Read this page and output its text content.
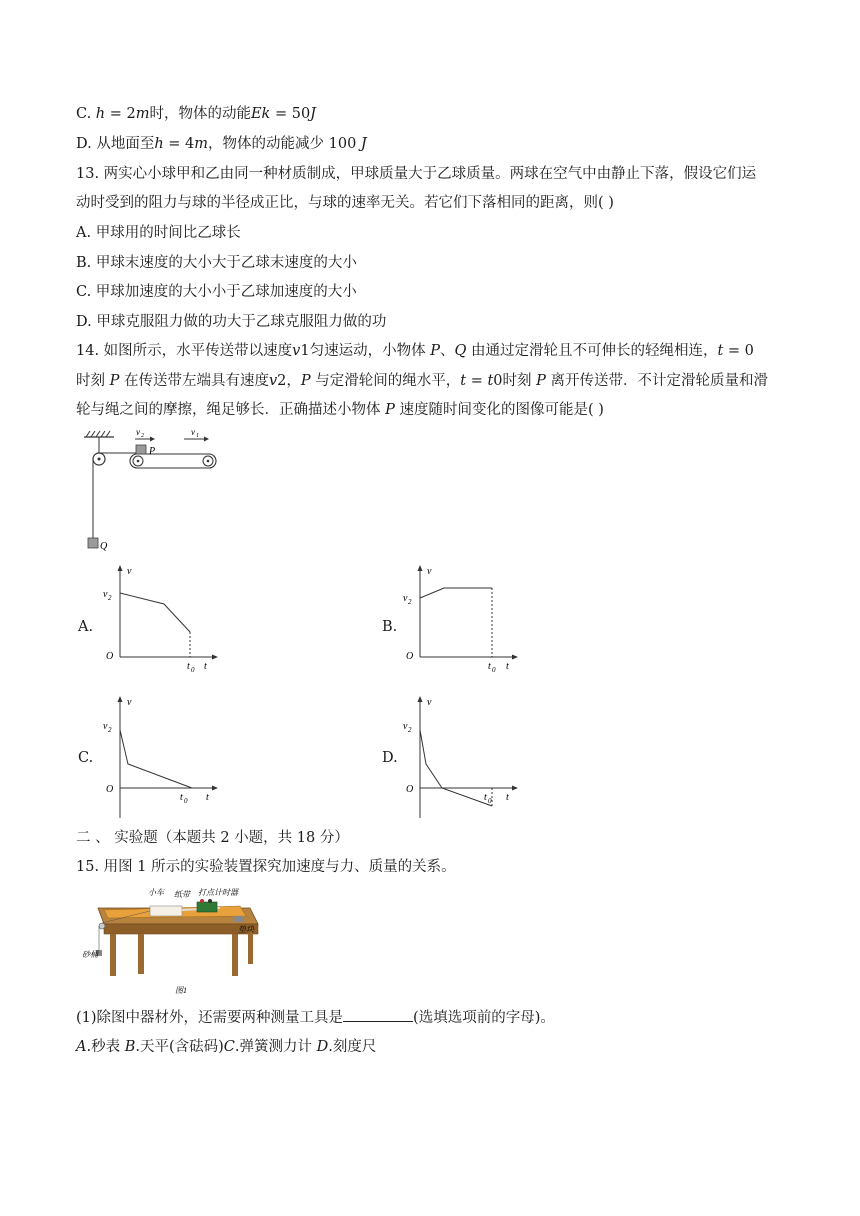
C. ℎ = 2𝑚时，物体的动能𝐸𝑘 = 50𝐽
D. 从地面至ℎ = 4𝑚，物体的动能减少 100 𝐽
13. 两实心小球甲和乙由同一种材质制成，甲球质量大于乙球质量。两球在空气中由静止下落，假设它们运
动时受到的阻力与球的半径成正比，与球的速率无关。若它们下落相同的距离，则( )
A. 甲球用的时间比乙球长
B. 甲球末速度的大小大于乙球末速度的大小
C. 甲球加速度的大小小于乙球加速度的大小
D. 甲球克服阻力做的功大于乙球克服阻力做的功
14. 如图所示，水平传送带以速度𝑣1匀速运动，小物体 𝑃、𝑄 由通过定滑轮且不可伸长的轻绳相连，𝑡 = 0
时刻 𝑃 在传送带左端具有速度𝑣2，𝑃 与定滑轮间的绳水平，𝑡 = 𝑡0时刻 𝑃 离开传送带．不计定滑轮质量和滑
轮与绳之间的摩擦，绳足够长．正确描述小物体 𝑃 速度随时间变化的图像可能是( )
v 2	v 1
P
Q
A.	B.
C.	D.
v
v 2
O
t
t 0
v
v 2
O
t
t 0
v
v 2
O
t
t 0
v
v 2
O
t
t 0
二 、 实验题（本题共 2 小题，共 18 分）
15. 用图 1 所示的实验装置探究加速度与力、质量的关系。
小车 纸带 打点计时器
垫块
砂桶
图1
(1)除图中器材外，还需要两种测量工具是	(选填选项前的字母)。
𝐴.秒表 𝐵.天平(含砝码)𝐶.弹簧测力计 𝐷.刻度尺
